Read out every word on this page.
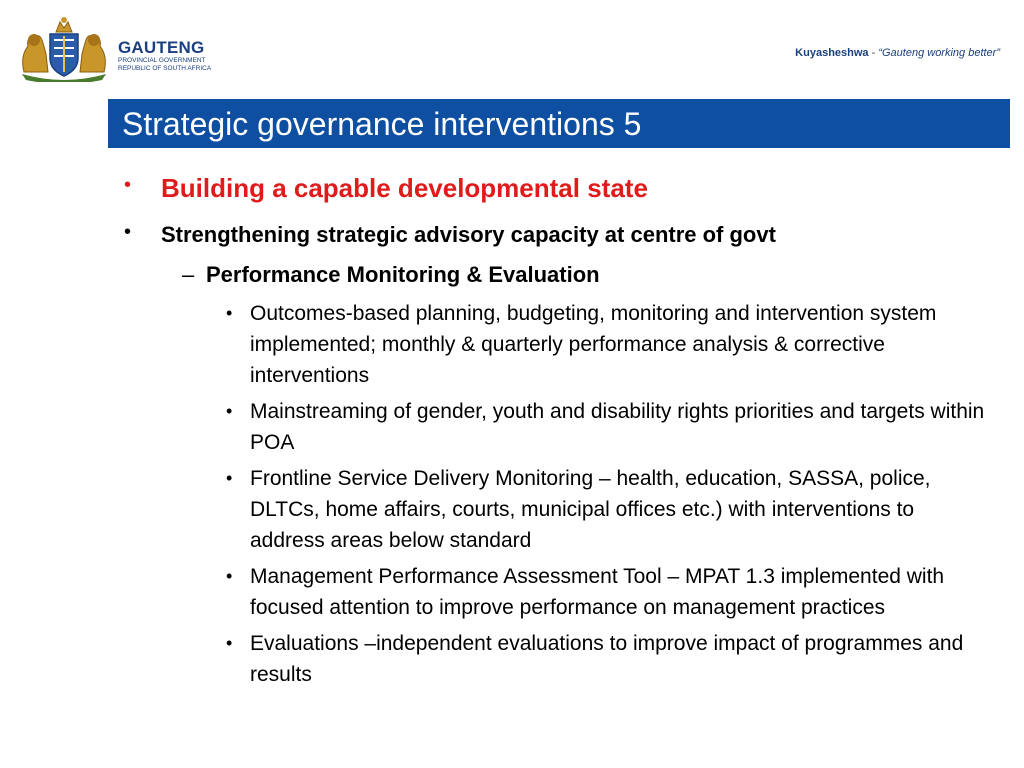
GAUTENG
PROVINCIAL GOVERNMENT
REPUBLIC OF SOUTH AFRICA
Kuyasheshwa - “Gauteng working better”
Strategic governance interventions 5
• Building a capable developmental state
• Strengthening strategic advisory capacity at centre of govt
– Performance Monitoring & Evaluation
• Outcomes-based planning, budgeting, monitoring and intervention system implemented; monthly & quarterly performance analysis & corrective interventions
• Mainstreaming of gender, youth and disability rights priorities and targets within POA
• Frontline Service Delivery Monitoring – health, education, SASSA, police, DLTCs, home affairs, courts, municipal offices etc.) with interventions to address areas below standard
• Management Performance Assessment Tool – MPAT 1.3 implemented with focused attention to improve performance on management practices
• Evaluations –independent evaluations to improve impact of programmes and results
